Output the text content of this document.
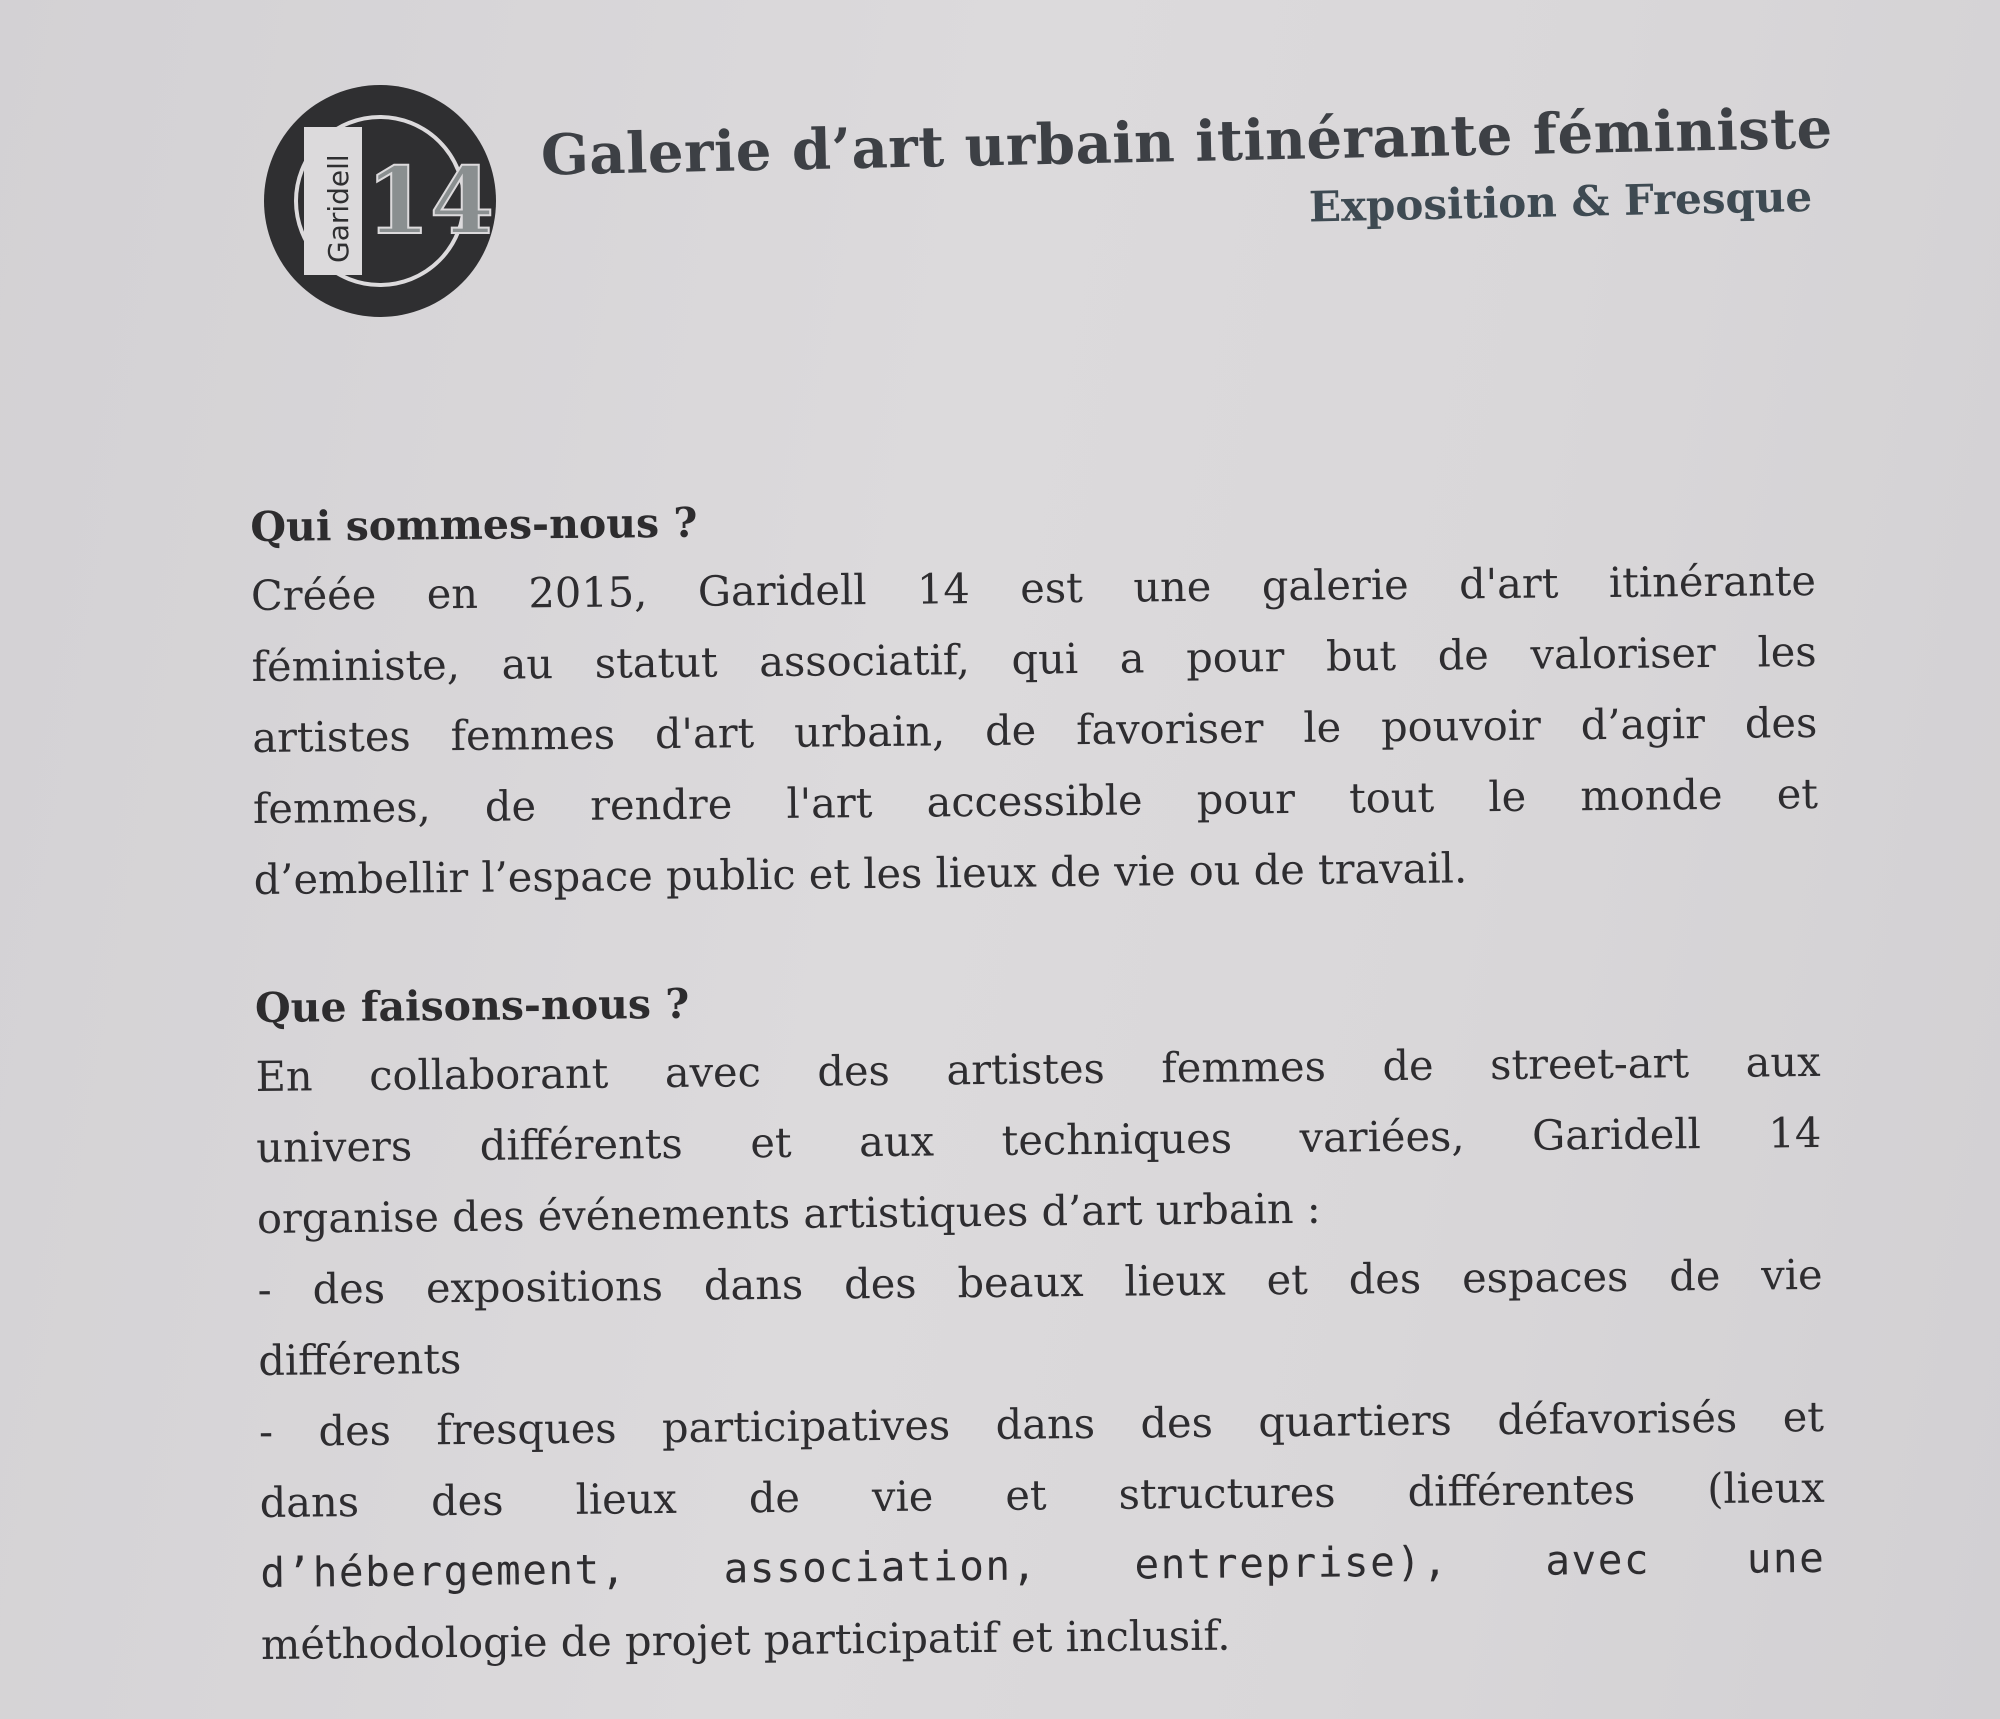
Garidell 14
Galerie d’art urbain itinérante féministe
Exposition & Fresque
Qui sommes-nous ?
Créée en 2015, Garidell 14 est une galerie d'art itinérante
féministe, au statut associatif, qui a pour but de valoriser les
artistes femmes d'art urbain, de favoriser le pouvoir d’agir des
femmes, de rendre l'art accessible pour tout le monde et
d’embellir l’espace public et les lieux de vie ou de travail.
Que faisons-nous ?
En collaborant avec des artistes femmes de street-art aux
univers différents et aux techniques variées, Garidell 14
organise des événements artistiques d’art urbain :
- des expositions dans des beaux lieux et des espaces de vie
différents
- des fresques participatives dans des quartiers défavorisés et
dans des lieux de vie et structures différentes (lieux
d’hébergement, association, entreprise), avec une
méthodologie de projet participatif et inclusif.
